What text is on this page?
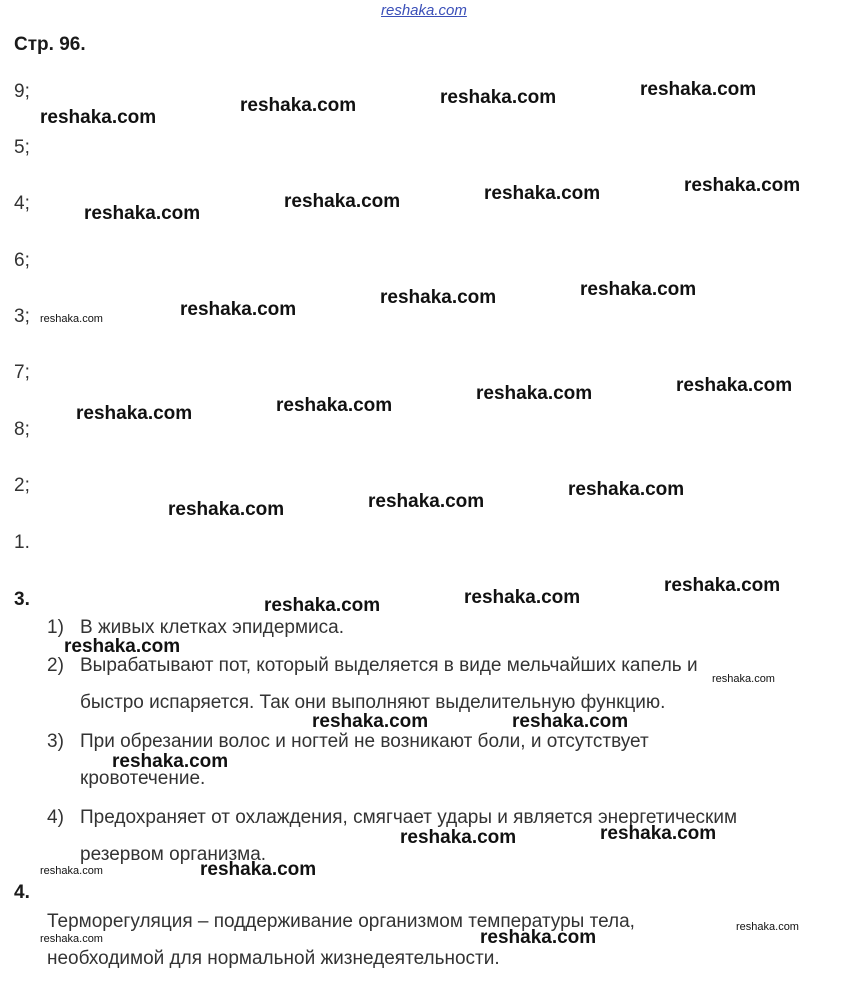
reshaka.com
Стр. 96.
9;
5;
4;
6;
3;
7;
8;
2;
1.
3.
1) В живых клетках эпидермиса.
2) Вырабатывают пот, который выделяется в виде мельчайших капель и
быстро испаряется. Так они выполняют выделительную функцию.
3) При обрезании волос и ногтей не возникают боли, и отсутствует
кровотечение.
4) Предохраняет от охлаждения, смягчает удары и является энергетическим
резервом организма.
4.
Терморегуляция – поддерживание организмом температуры тела,
необходимой для нормальной жизнедеятельности.
reshaka.com
reshaka.com	reshaka.com	reshaka.com
reshaka.com
reshaka.com	reshaka.com	reshaka.com
reshaka.com	reshaka.com
reshaka.com	reshaka.com
reshaka.com	reshaka.com
reshaka.com	reshaka.com
reshaka.com	reshaka.com
reshaka.com
reshaka.com	reshaka.com
reshaka.com
reshaka.com
reshaka.com
reshaka.com	reshaka.com
reshaka.com
reshaka.com
reshaka.com
reshaka.com	reshaka.com
reshaka.com
reshaka.com	reshaka.com
